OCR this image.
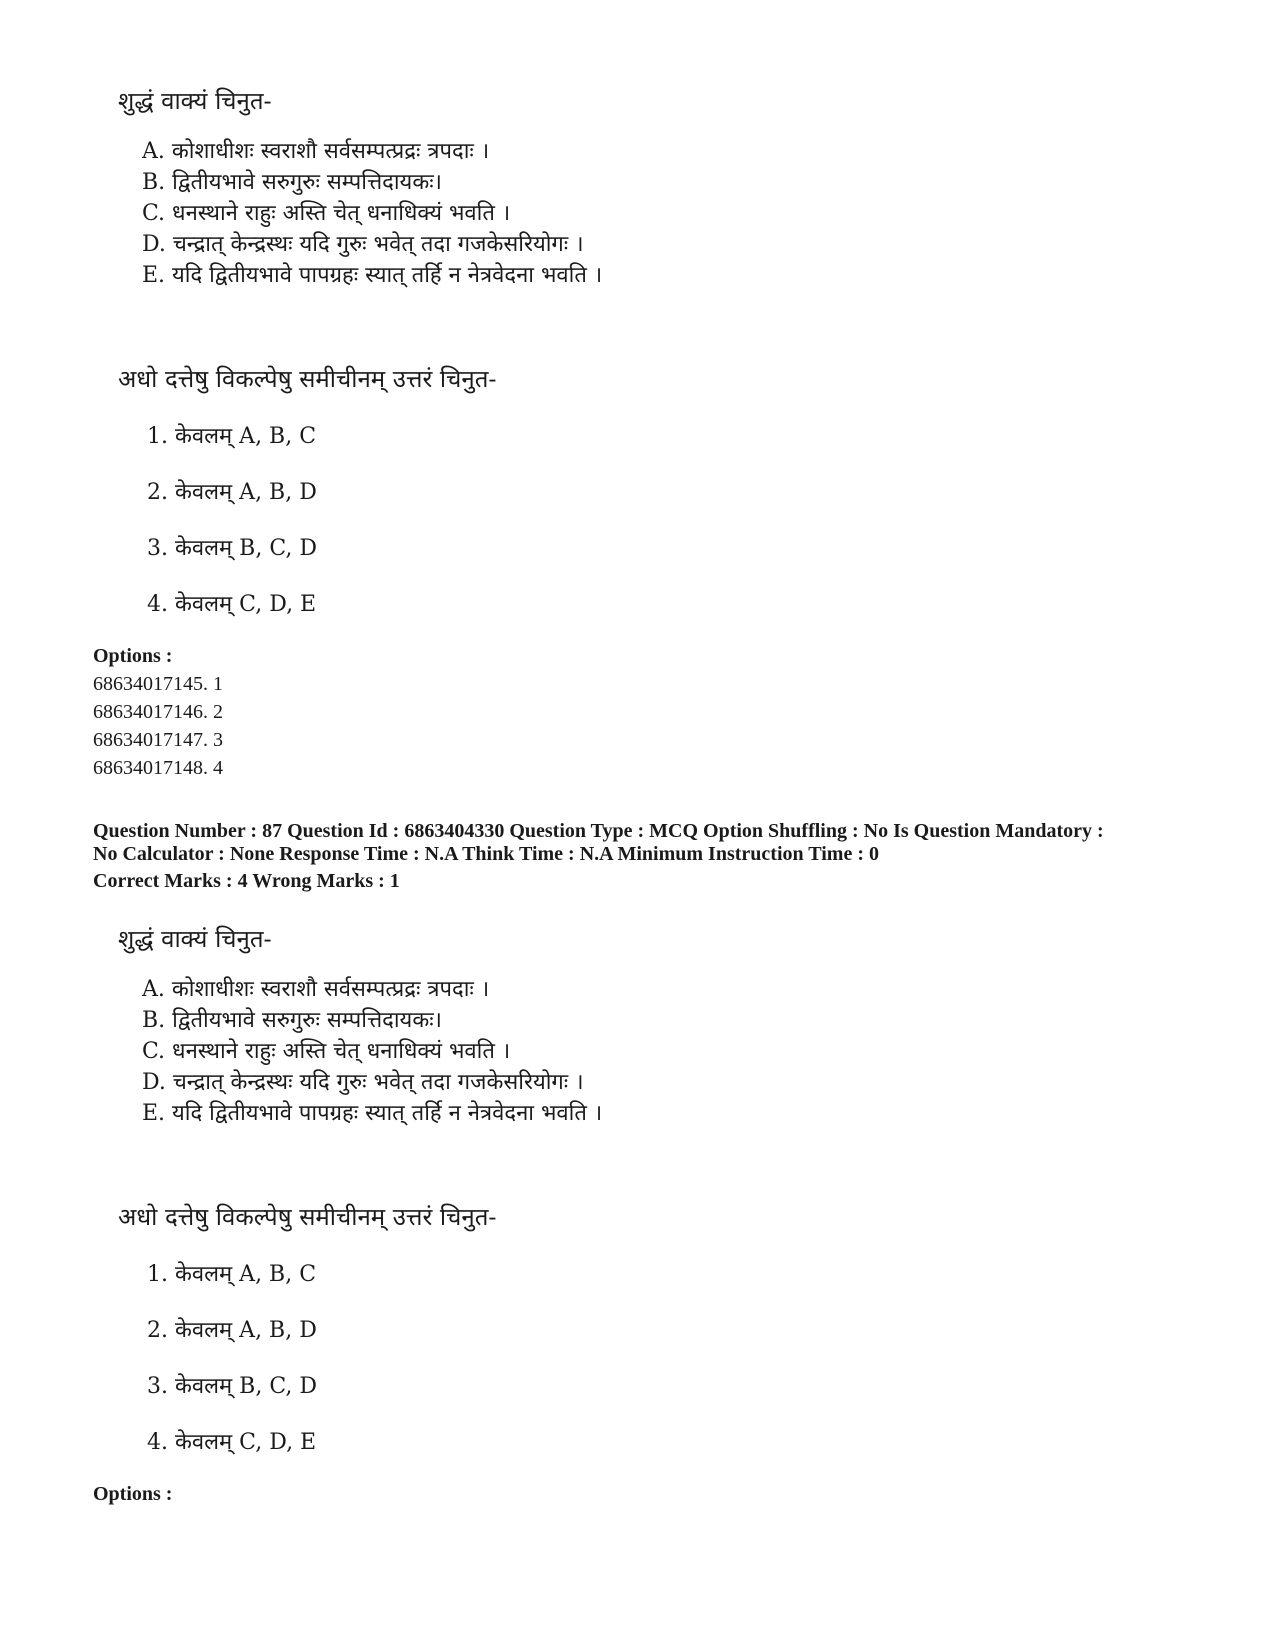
शुद्धं वाक्यं चिनुत-
A. कोशाधीशः स्वराशौ सर्वसम्पत्प्रद्रः त्रपदाः ।
B. द्वितीयभावे सरुगुरुः सम्पत्तिदायकः।
C. धनस्थाने राहुः अस्ति चेत् धनाधिक्यं भवति ।
D. चन्द्रात् केन्द्रस्थः यदि गुरुः भवेत् तदा गजकेसरियोगः ।
E. यदि द्वितीयभावे पापग्रहः स्यात् तर्हि न नेत्रवेदना भवति ।
अधो दत्तेषु विकल्पेषु समीचीनम् उत्तरं चिनुत-
1. केवलम् A, B, C
2. केवलम् A, B, D
3. केवलम् B, C, D
4. केवलम् C, D, E
Options :
68634017145. 1
68634017146. 2
68634017147. 3
68634017148. 4
Question Number : 87 Question Id : 6863404330 Question Type : MCQ Option Shuffling : No Is Question Mandatory :
No Calculator : None Response Time : N.A Think Time : N.A Minimum Instruction Time : 0
Correct Marks : 4 Wrong Marks : 1
शुद्धं वाक्यं चिनुत-
A. कोशाधीशः स्वराशौ सर्वसम्पत्प्रद्रः त्रपदाः ।
B. द्वितीयभावे सरुगुरुः सम्पत्तिदायकः।
C. धनस्थाने राहुः अस्ति चेत् धनाधिक्यं भवति ।
D. चन्द्रात् केन्द्रस्थः यदि गुरुः भवेत् तदा गजकेसरियोगः ।
E. यदि द्वितीयभावे पापग्रहः स्यात् तर्हि न नेत्रवेदना भवति ।
अधो दत्तेषु विकल्पेषु समीचीनम् उत्तरं चिनुत-
1. केवलम् A, B, C
2. केवलम् A, B, D
3. केवलम् B, C, D
4. केवलम् C, D, E
Options :
